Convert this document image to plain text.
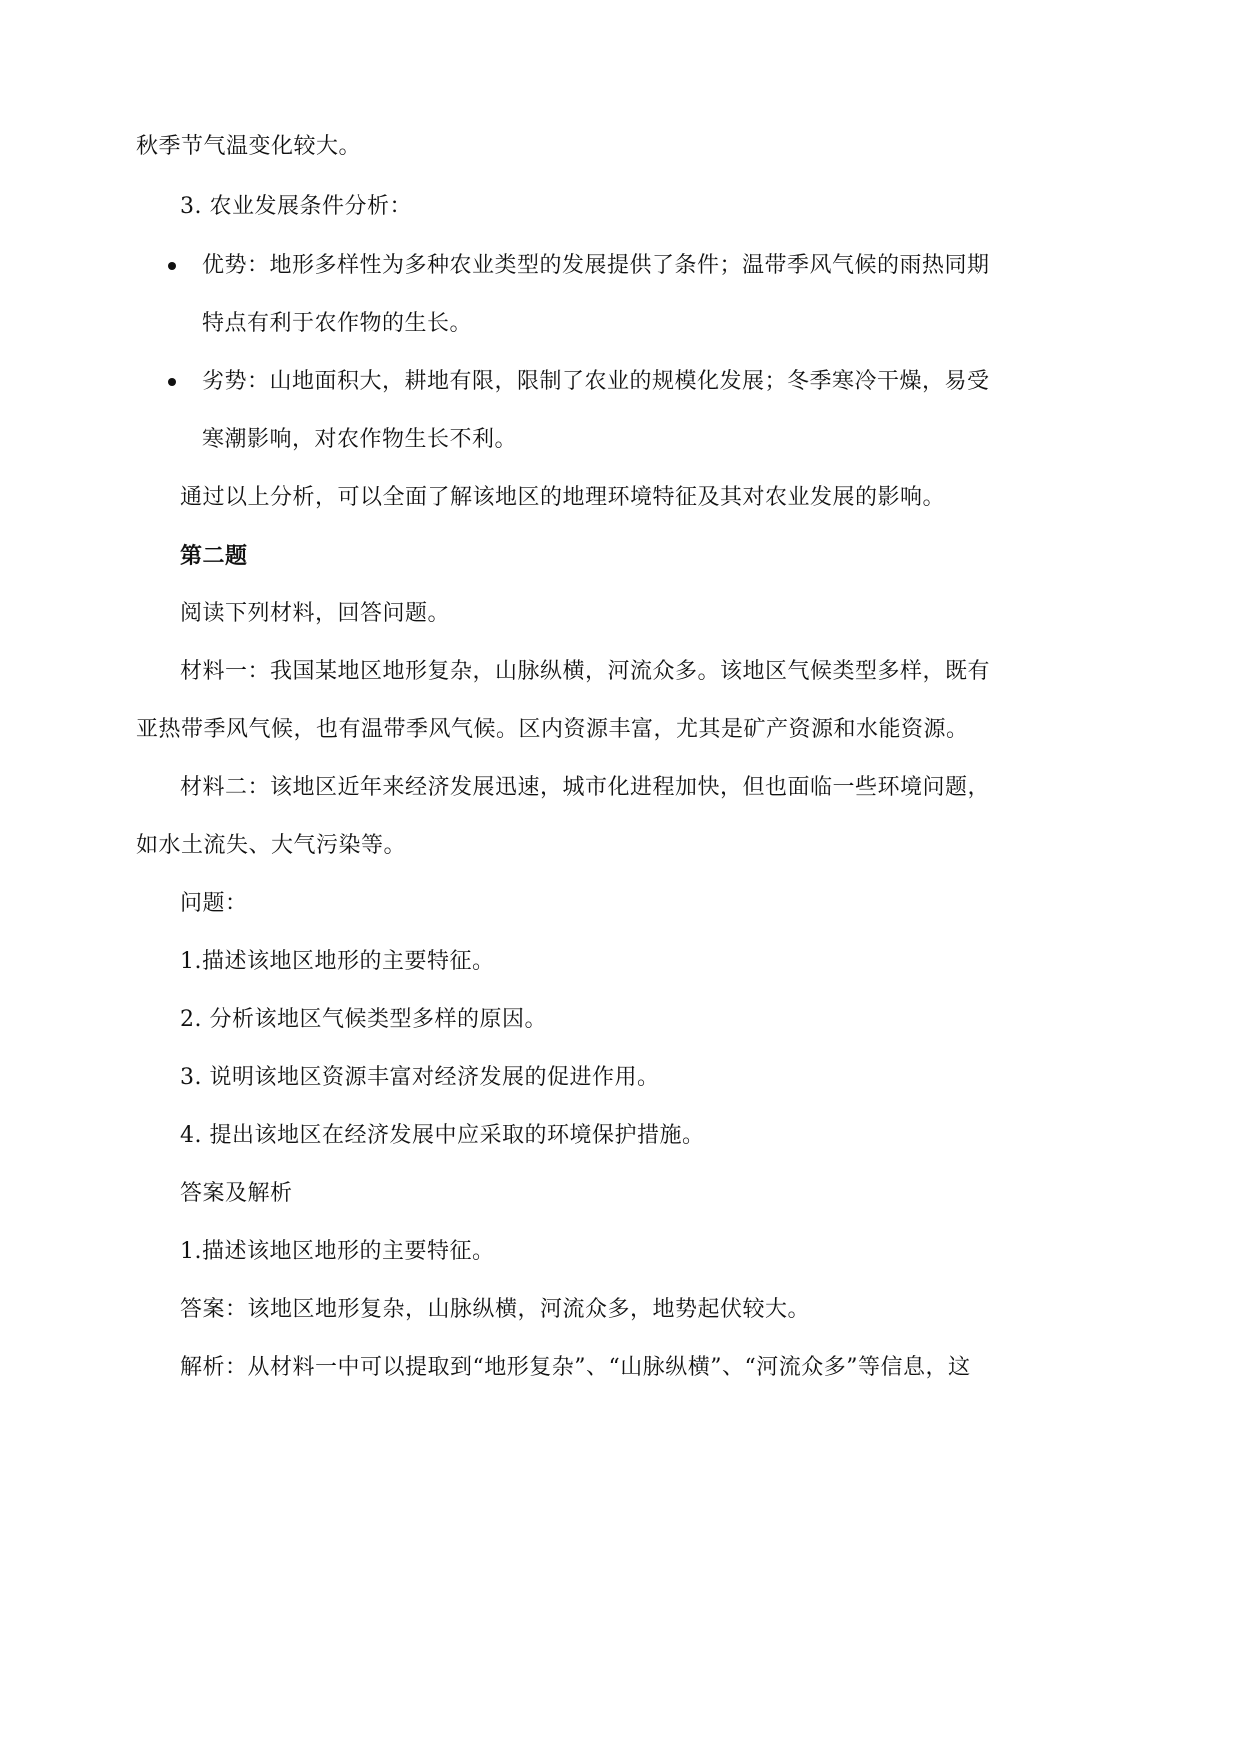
秋季节气温变化较大。
3. 农业发展条件分析：
优势：地形多样性为多种农业类型的发展提供了条件；温带季风气候的雨热同期
特点有利于农作物的生长。
劣势：山地面积大，耕地有限，限制了农业的规模化发展；冬季寒冷干燥，易受
寒潮影响，对农作物生长不利。
通过以上分析，可以全面了解该地区的地理环境特征及其对农业发展的影响。
第二题
阅读下列材料，回答问题。
材料一：我国某地区地形复杂，山脉纵横，河流众多。该地区气候类型多样，既有
亚热带季风气候，也有温带季风气候。区内资源丰富，尤其是矿产资源和水能资源。
材料二：该地区近年来经济发展迅速，城市化进程加快，但也面临一些环境问题，
如水土流失、大气污染等。
问题：
1.描述该地区地形的主要特征。
2. 分析该地区气候类型多样的原因。
3. 说明该地区资源丰富对经济发展的促进作用。
4. 提出该地区在经济发展中应采取的环境保护措施。
答案及解析
1.描述该地区地形的主要特征。
答案：该地区地形复杂，山脉纵横，河流众多，地势起伏较大。
解析：从材料一中可以提取到“地形复杂”、“山脉纵横”、“河流众多”等信息，这
